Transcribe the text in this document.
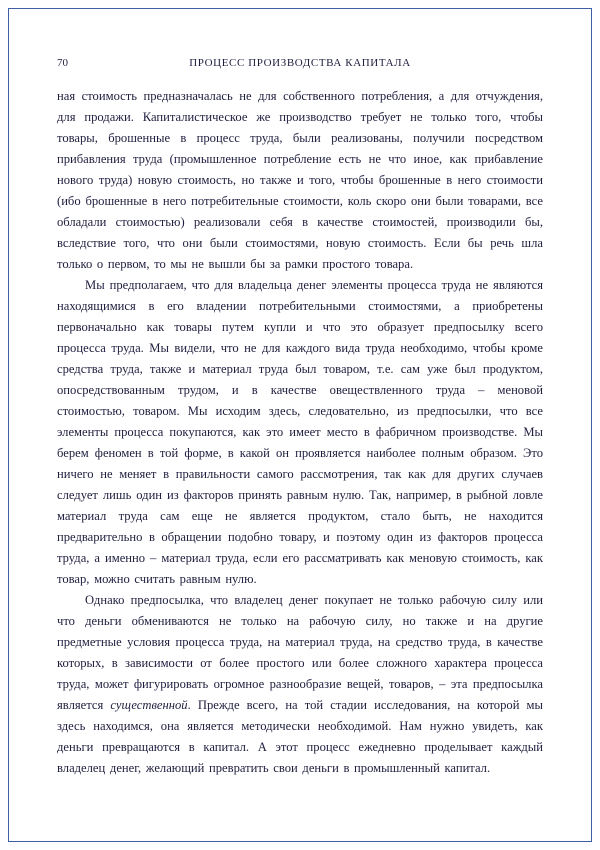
70	ПРОЦЕСС ПРОИЗВОДСТВА КАПИТАЛА

ная стоимость предназначалась не для собственного потребления, а для отчуждения, для продажи. Капиталистическое же производство требует не только того, чтобы товары, брошенные в процесс труда, были реализованы, получили посредством прибавления труда (промышленное потребление есть не что иное, как прибавление нового труда) новую стоимость, но также и того, чтобы брошенные в него стоимости (ибо брошенные в него потребительные стоимости, коль скоро они были товарами, все обладали стоимостью) реализовали себя в качестве стоимостей, производили бы, вследствие того, что они были стоимостями, новую стоимость. Если бы речь шла только о первом, то мы не вышли бы за рамки простого товара.

Мы предполагаем, что для владельца денег элементы процесса труда не являются находящимися в его владении потребительными стоимостями, а приобретены первоначально как товары путем купли и что это образует предпосылку всего процесса труда. Мы видели, что не для каждого вида труда необходимо, чтобы кроме средства труда, также и материал труда был товаром, т.е. сам уже был продуктом, опосредствованным трудом, и в качестве овеществленного труда – меновой стоимостью, товаром. Мы исходим здесь, следовательно, из предпосылки, что все элементы процесса покупаются, как это имеет место в фабричном производстве. Мы берем феномен в той форме, в какой он проявляется наиболее полным образом. Это ничего не меняет в правильности самого рассмотрения, так как для других случаев следует лишь один из факторов принять равным нулю. Так, например, в рыбной ловле материал труда сам еще не является продуктом, стало быть, не находится предварительно в обращении подобно товару, и поэтому один из факторов процесса труда, а именно – материал труда, если его рассматривать как меновую стоимость, как товар, можно считать равным нулю.

Однако предпосылка, что владелец денег покупает не только рабочую силу или что деньги обмениваются не только на рабочую силу, но также и на другие предметные условия процесса труда, на материал труда, на средство труда, в качестве которых, в зависимости от более простого или более сложного характера процесса труда, может фигурировать огромное разнообразие вещей, товаров, – эта предпосылка является существенной. Прежде всего, на той стадии исследования, на которой мы здесь находимся, она является методически необходимой. Нам нужно увидеть, как деньги превращаются в капитал. А этот процесс ежедневно проделывает каждый владелец денег, желающий превратить свои деньги в промышленный капитал.
